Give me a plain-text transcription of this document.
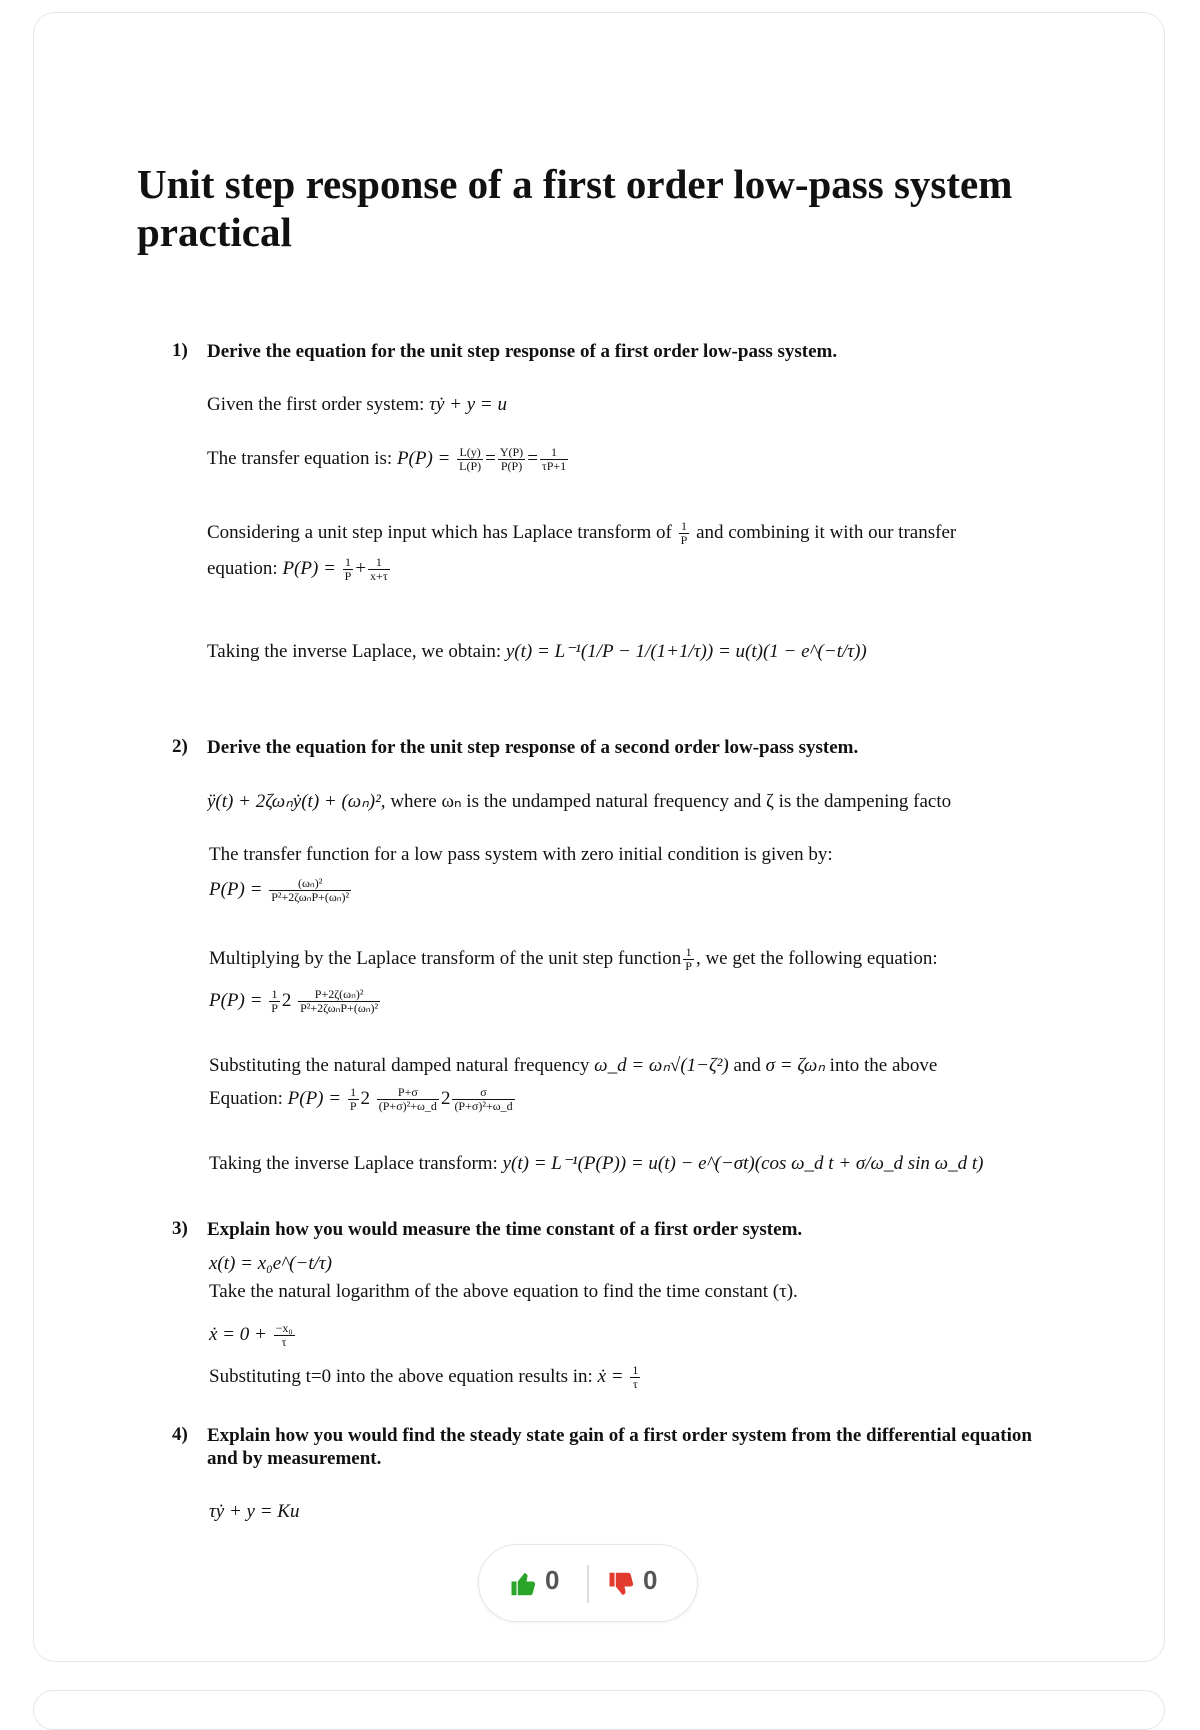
Unit step response of a first order low-pass system practical
1) Derive the equation for the unit step response of a first order low-pass system.
Given the first order system: τẏ + y = u
The transfer equation is: $P(P) = \frac{L(y)}{L(P)} = \frac{Y(P)}{P(P)} = \frac{1}{\tau P+1}$
Considering a unit step input which has Laplace transform of $\frac{1}{P}$ and combining it with our transfer
equation: $P(P) = \frac{1}{P} + \frac{1}{x+\tau}$
Taking the inverse Laplace, we obtain: y(t) = L⁻¹(1/P − 1/(1+1/τ)) = u(t)(1 − e^(−t/τ))
2) Derive the equation for the unit step response of a second order low-pass system.
ÿ(t) + 2ζωₙẏ(t) + (ωₙ)², where ωₙ is the undamped natural frequency and ζ is the dampening facto
The transfer function for a low pass system with zero initial condition is given by:
$P(P) = \frac{\text{(ωₙ)²}}{\text{P²+2ζωₙP+(ωₙ)²}}$
Multiplying by the Laplace transform of the unit step function $\frac{1}{P}$ , we get the following equation:
$P(P) = \frac{1}{P} 2 \frac{\text{P+2ζ(ωₙ)²}}{\text{P²+2ζωₙP+(ωₙ)²}}$
Substituting the natural damped natural frequency ω_d = ωₙ√(1−ζ²) and σ = ζωₙ into the above
Equation: $P(P) = \frac{1}{P} 2 \frac{P+\sigma}{\text{(P+σ)²+ω\_d}} 2 \frac{\sigma}{\text{(P+σ)²+ω\_d}}$
Taking the inverse Laplace transform: y(t) = L⁻¹(P(P)) = u(t) − e^(−σt)(cos ω_d t + σ/ω_d sin ω_d t)
3) Explain how you would measure the time constant of a first order system.
x(t) = x₀e^(−t/τ)
Take the natural logarithm of the above equation to find the time constant (τ).
ẋ = $0 + \frac{\text{−x₀}}{\tau}$
Substituting t=0 into the above equation results in: ẋ = $\frac{1}{\tau}$
4) Explain how you would find the steady state gain of a first order system from the differential equation and by measurement.
τẏ + y = Ku
0	0
